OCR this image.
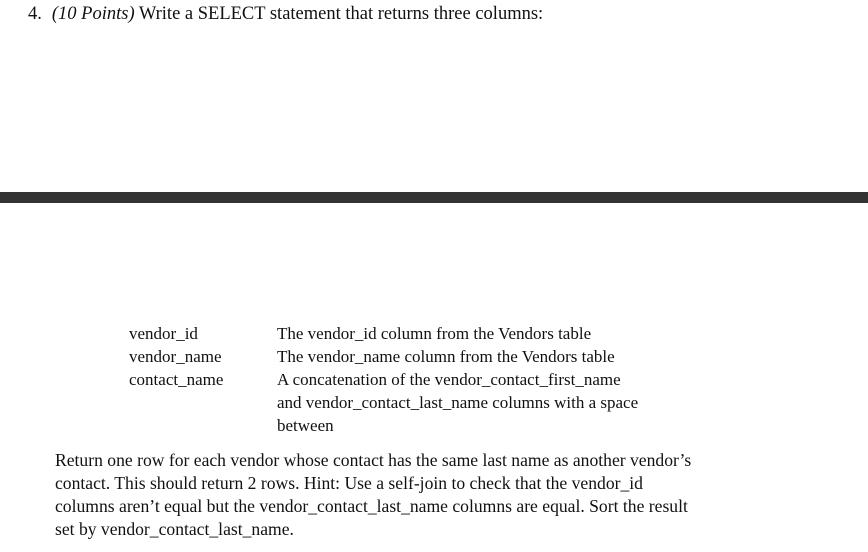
4. (10 Points) Write a SELECT statement that returns three columns:
vendor_id	The vendor_id column from the Vendors table

vendor_name	The vendor_name column from the Vendors table

contact_name	A concatenation of the vendor_contact_first_name
and vendor_contact_last_name columns with a space
between
Return one row for each vendor whose contact has the same last name as another vendor’s
contact. This should return 2 rows. Hint: Use a self-join to check that the vendor_id
columns aren’t equal but the vendor_contact_last_name columns are equal. Sort the result
set by vendor_contact_last_name.
